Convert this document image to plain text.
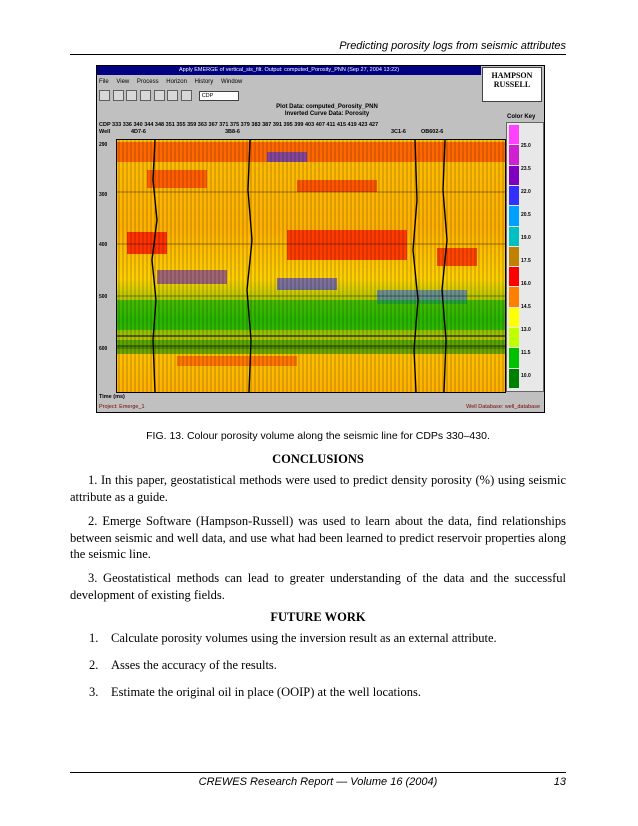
Predicting porosity logs from seismic attributes
Apply EMERGE of vertical_sis_filt. Output: computed_Porosity_PNN (Sep 27, 2004 13:22)
File View Process Horizon History Window
CDP
HAMPSON
RUSSELL
Plot Data: computed_Porosity_PNN
Inverted Curve Data: Porosity	Color Key
CDP 333 336 340 344 348 351 355 359 363 367 371 375 379 383 387 391 395 399 403 407 411 415 419 423 427
Well	4D7-6	3B8-6	3C1-6	OB602-6
290
300
400
500
600
25.0
23.5
22.0
20.5
19.0
17.5
16.0
14.5
13.0
11.5
10.0
Time (ms)
Project: Emerge_1	Well Database: well_database
FIG. 13. Colour porosity volume along the seismic line for CDPs 330–430.
CONCLUSIONS

1. In this paper, geostatistical methods were used to predict density porosity (%) using seismic attribute as a guide.

2. Emerge Software (Hampson-Russell) was used to learn about the data, find relationships between seismic and well data, and use what had been learned to predict reservoir properties along the seismic line.

3. Geostatistical methods can lead to greater understanding of the data and the successful development of existing fields.

FUTURE WORK
1. Calculate porosity volumes using the inversion result as an external attribute.
2. Asses the accuracy of the results.
3. Estimate the original oil in place (OOIP) at the well locations.
CREWES Research Report — Volume 16 (2004)	13
